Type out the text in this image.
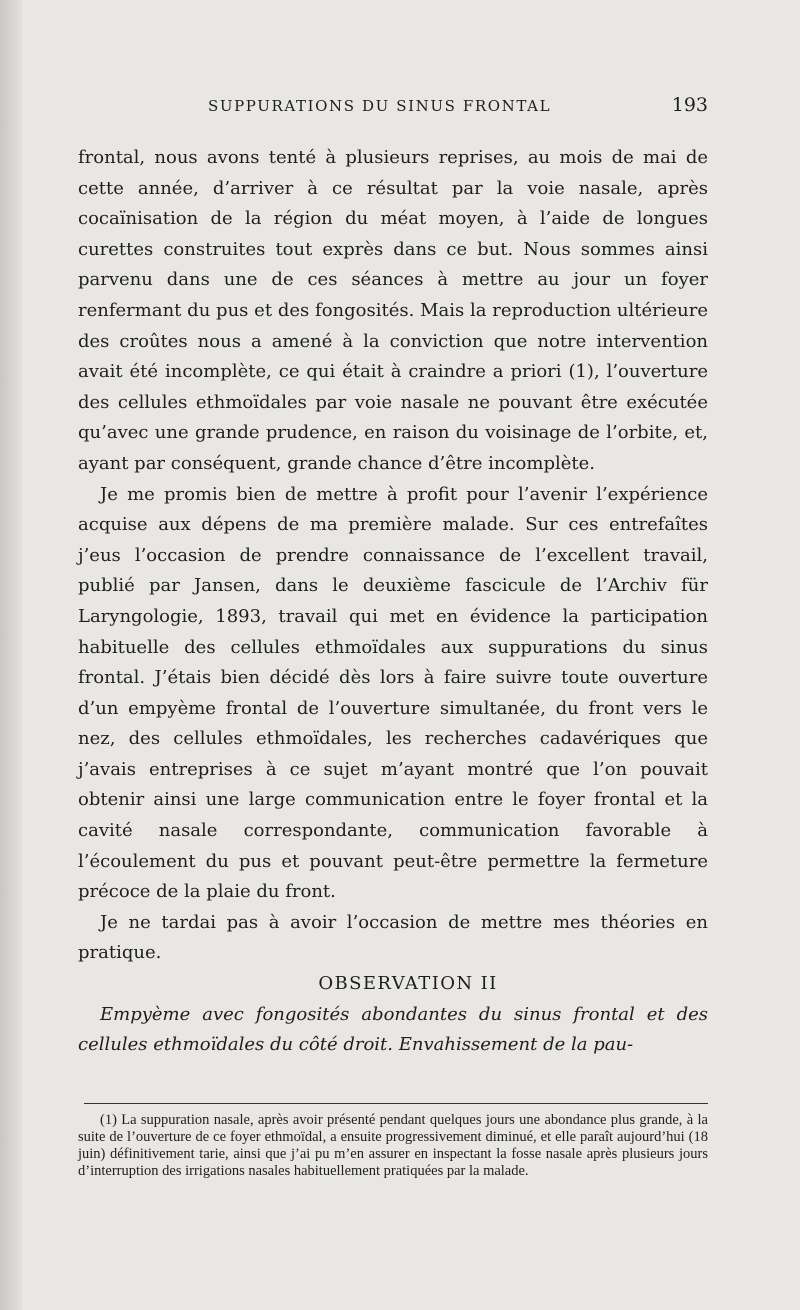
SUPPURATIONS DU SINUS FRONTAL	193

frontal, nous avons tenté à plusieurs reprises, au mois de mai de cette année, d’arriver à ce résultat par la voie nasale, après cocaïnisation de la région du méat moyen, à l’aide de longues curettes construites tout exprès dans ce but. Nous sommes ainsi parvenu dans une de ces séances à mettre au jour un foyer renfermant du pus et des fongosités. Mais la reproduction ultérieure des croûtes nous a amené à la conviction que notre intervention avait été incomplète, ce qui était à craindre a priori (1), l’ouverture des cellules ethmoïdales par voie nasale ne pouvant être exécutée qu’avec une grande prudence, en raison du voisinage de l’orbite, et, ayant par conséquent, grande chance d’être incomplète.

Je me promis bien de mettre à profit pour l’avenir l’expérience acquise aux dépens de ma première malade. Sur ces entrefaîtes j’eus l’occasion de prendre connaissance de l’excellent travail, publié par Jansen, dans le deuxième fascicule de l’Archiv für Laryngologie, 1893, travail qui met en évidence la participation habituelle des cellules ethmoïdales aux suppurations du sinus frontal. J’étais bien décidé dès lors à faire suivre toute ouverture d’un empyème frontal de l’ouverture simultanée, du front vers le nez, des cellules ethmoïdales, les recherches cadavériques que j’avais entreprises à ce sujet m’ayant montré que l’on pouvait obtenir ainsi une large communication entre le foyer frontal et la cavité nasale correspondante, communication favorable à l’écoulement du pus et pouvant peut-être permettre la fermeture précoce de la plaie du front.

Je ne tardai pas à avoir l’occasion de mettre mes théories en pratique.

OBSERVATION II

Empyème avec fongosités abondantes du sinus frontal et des cellules ethmoïdales du côté droit. Envahissement de la pau-

(1) La suppuration nasale, après avoir présenté pendant quelques jours une abondance plus grande, à la suite de l’ouverture de ce foyer ethmoïdal, a ensuite progressivement diminué, et elle paraît aujourd’hui (18 juin) définitivement tarie, ainsi que j’ai pu m’en assurer en inspectant la fosse nasale après plusieurs jours d’interruption des irrigations nasales habituellement pratiquées par la malade.
